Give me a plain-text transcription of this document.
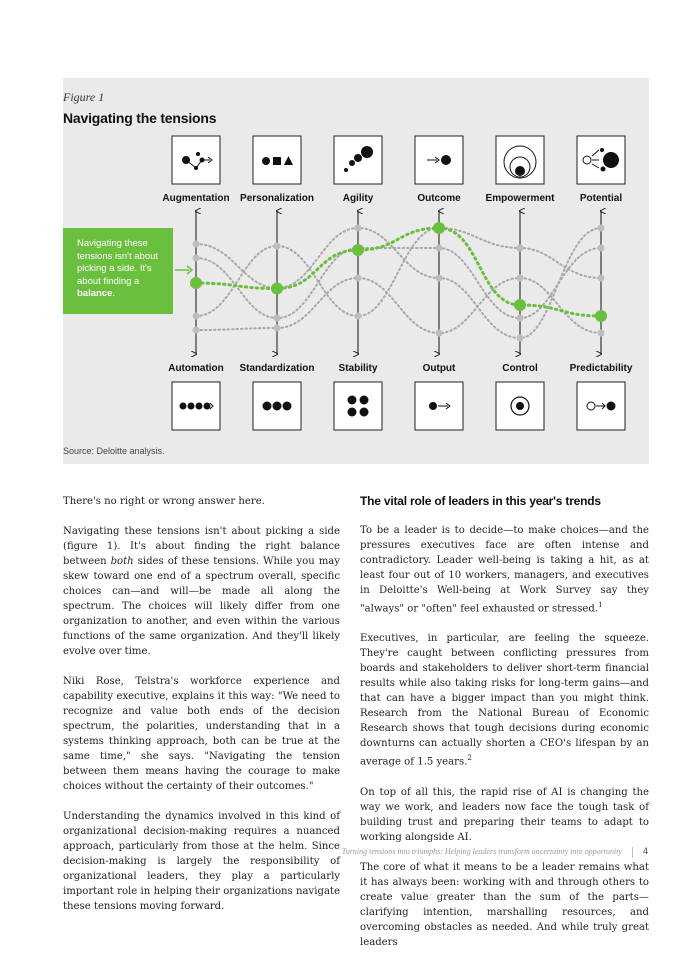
Figure 1
Navigating the tensions
Augmentation Personalization	Agility	Outcome Empowerment	Potential
Automation Standardization Stability	Output	Control	Predictability
Navigating these tensions isn't about picking a side. It's about finding a balance.
Source: Deloitte analysis.

There's no right or wrong answer here.

Navigating these tensions isn't about picking a side (figure 1). It's about finding the right balance between both sides of these tensions. While you may skew toward one end of a spectrum overall, specific choices can—and will—be made all along the spectrum. The choices will likely differ from one organization to another, and even within the various functions of the same organization. And they'll likely evolve over time.

Niki Rose, Telstra's workforce experience and capability executive, explains it this way: "We need to recognize and value both ends of the decision spectrum, the polarities, understanding that in a systems thinking approach, both can be true at the same time," she says. "Navigating the tension between them means having the courage to make choices without the certainty of their outcomes."

Understanding the dynamics involved in this kind of organizational decision-making requires a nuanced approach, particularly from those at the helm. Since decision-making is largely the responsibility of organizational leaders, they play a particularly important role in helping their organizations navigate these tensions moving forward.

The vital role of leaders in this year's trends

To be a leader is to decide—to make choices—and the pressures executives face are often intense and contradictory. Leader well-being is taking a hit, as at least four out of 10 workers, managers, and executives in Deloitte's Well-being at Work Survey say they "always" or "often" feel exhausted or stressed.$^1$

Executives, in particular, are feeling the squeeze. They're caught between conflicting pressures from boards and stakeholders to deliver short-term financial results while also taking risks for long-term gains—and that can have a bigger impact than you might think. Research from the National Bureau of Economic Research shows that tough decisions during economic downturns can actually shorten a CEO's lifespan by an average of 1.5 years.$^2$

On top of all this, the rapid rise of AI is changing the way we work, and leaders now face the tough task of building trust and preparing their teams to adapt to working alongside AI.

The core of what it means to be a leader remains what it has always been: working with and through others to create value greater than the sum of the parts—clarifying intention, marshalling resources, and overcoming obstacles as needed. And while truly great leaders

Turning tensions into triumphs: Helping leaders transform uncertainty into opportunity 4
